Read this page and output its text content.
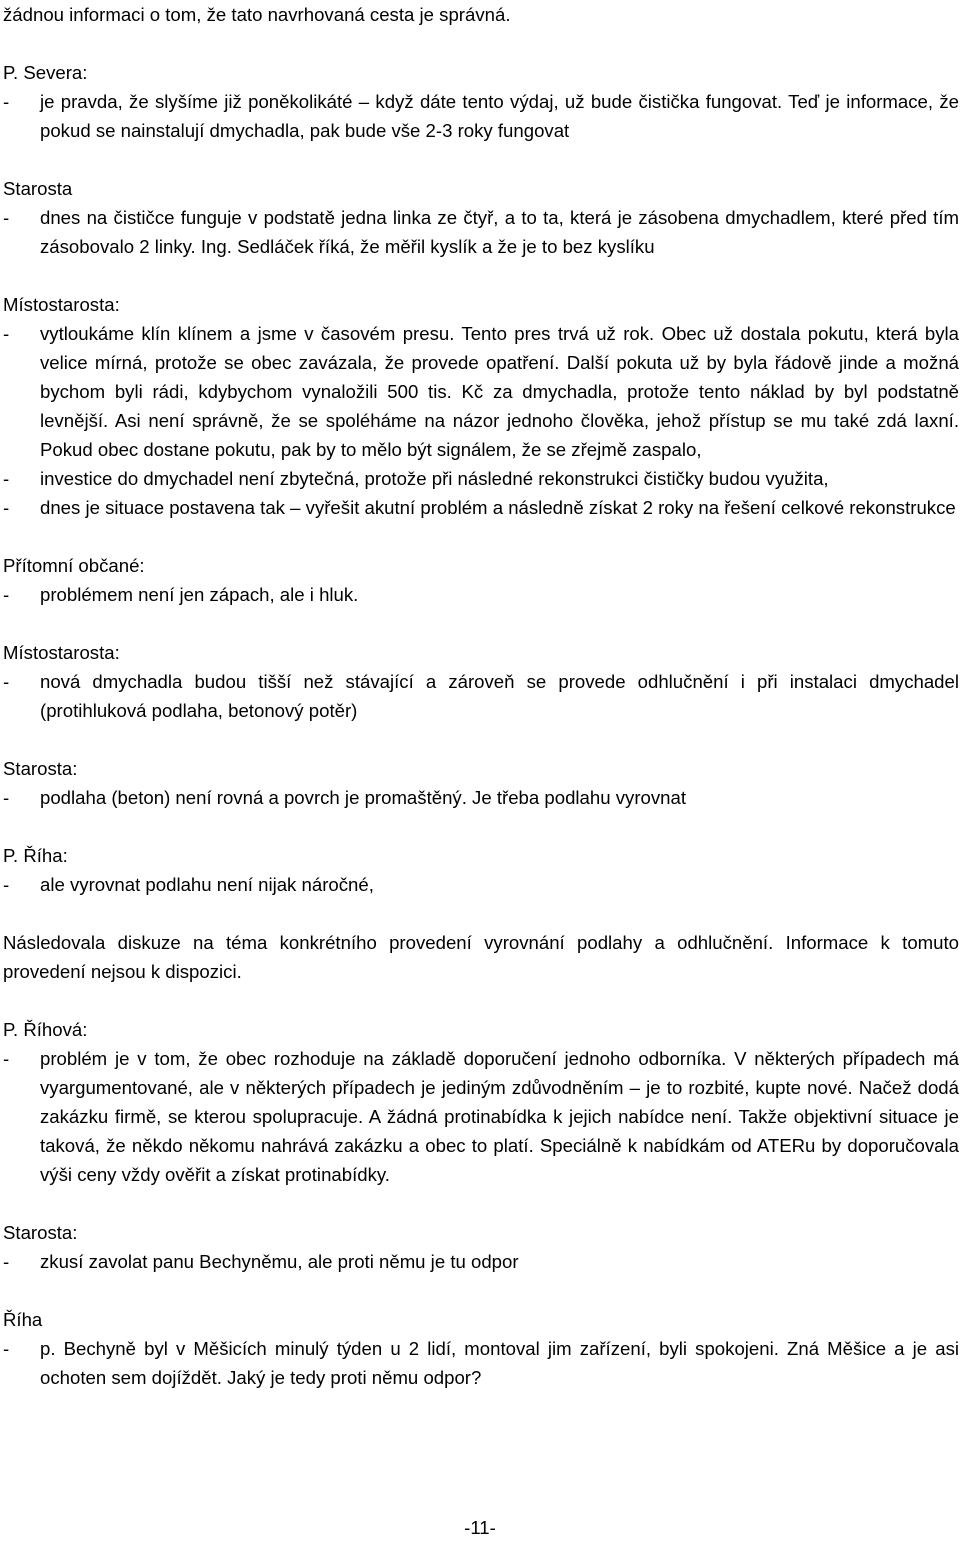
žádnou informaci o tom, že tato navrhovaná cesta je správná.

P. Severa:
- je pravda, že slyšíme již poněkolikáté – když dáte tento výdaj, už bude čistička fungovat. Teď je informace, že pokud se nainstalují dmychadla, pak bude vše 2-3 roky fungovat
Starosta
- dnes na čističce funguje v podstatě jedna linka ze čtyř, a to ta, která je zásobena dmychadlem, které před tím zásobovalo 2 linky. Ing. Sedláček říká, že měřil kyslík a že je to bez kyslíku
Místostarosta:
- vytloukáme klín klínem a jsme v časovém presu. Tento pres trvá už rok. Obec už dostala pokutu, která byla velice mírná, protože se obec zavázala, že provede opatření. Další pokuta už by byla řádově jinde a možná bychom byli rádi, kdybychom vynaložili 500 tis. Kč za dmychadla, protože tento náklad by byl podstatně levnější. Asi není správně, že se spoléháme na názor jednoho člověka, jehož přístup se mu také zdá laxní. Pokud obec dostane pokutu, pak by to mělo být signálem, že se zřejmě zaspalo,
- investice do dmychadel není zbytečná, protože při následné rekonstrukci čističky budou využita,
- dnes je situace postavena tak – vyřešit akutní problém a následně získat 2 roky na řešení celkové rekonstrukce
Přítomní občané:
- problémem není jen zápach, ale i hluk.
Místostarosta:
- nová dmychadla budou tišší než stávající a zároveň se provede odhlučnění i při instalaci dmychadel (protihluková podlaha, betonový potěr)
Starosta:
- podlaha (beton) není rovná a povrch je promaštěný. Je třeba podlahu vyrovnat
P. Říha:
- ale vyrovnat podlahu není nijak náročné,

Následovala diskuze na téma konkrétního provedení vyrovnání podlahy a odhlučnění. Informace k tomuto provedení nejsou k dispozici.

P. Říhová:
- problém je v tom, že obec rozhoduje na základě doporučení jednoho odborníka. V některých případech má vyargumentované, ale v některých případech je jediným zdůvodněním – je to rozbité, kupte nové. Načež dodá zakázku firmě, se kterou spolupracuje. A žádná protinabídka k jejich nabídce není. Takže objektivní situace je taková, že někdo někomu nahrává zakázku a obec to platí. Speciálně k nabídkám od ATERu by doporučovala výši ceny vždy ověřit a získat protinabídky.
Starosta:
- zkusí zavolat panu Bechyněmu, ale proti němu je tu odpor
Říha
- p. Bechyně byl v Měšicích minulý týden u 2 lidí, montoval jim zařízení, byli spokojeni. Zná Měšice a je asi ochoten sem dojíždět. Jaký je tedy proti němu odpor?
-11-
